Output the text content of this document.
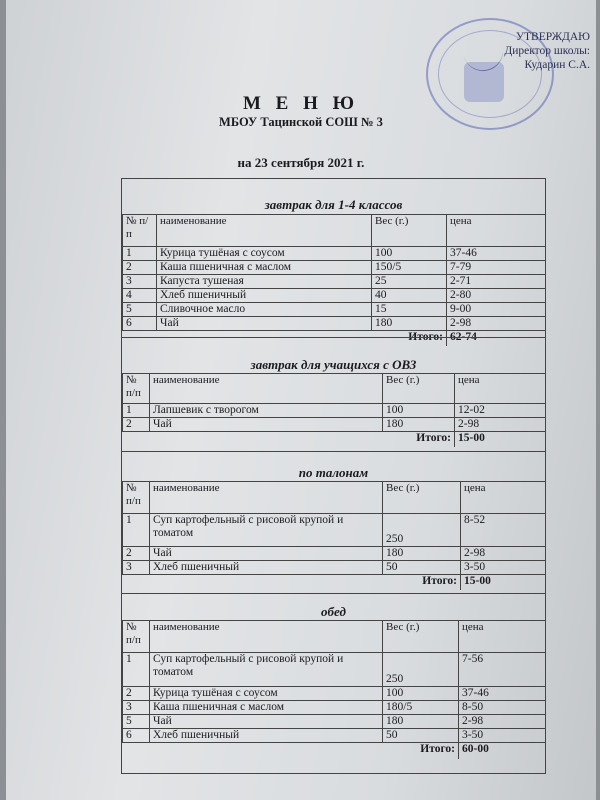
УТВЕРЖДАЮ
Директор школы:
Кударин С.А.
М Е Н Ю
МБОУ Тацинской СОШ № 3
на 23 сентября 2021 г.
завтрак для 1-4 классов
№ п/п	наименование	Вес (г.)	цена
1	Курица тушёная с соусом	100	37-46
2	Каша пшеничная с маслом	150/5	7-79
3	Капуста тушеная	25	2-71
4	Хлеб пшеничный	40	2-80
5	Сливочное масло	15	9-00
6	Чай	180	2-98
Итого:			62-74
завтрак для учащихся с ОВЗ
№ п/п	наименование	Вес (г.)	цена
1	Лапшевик с творогом	100	12-02
2	Чай	180	2-98
Итого:			15-00
по талонам
№ п/п	наименование	Вес (г.)	цена
1	Суп картофельный с рисовой крупой и томатом	250	8-52
2	Чай	180	2-98
3	Хлеб пшеничный	50	3-50
Итого:			15-00
обед
№ п/п	наименование	Вес (г.)	цена
1	Суп картофельный с рисовой крупой и томатом	250	7-56
2	Курица тушёная с соусом	100	37-46
3	Каша пшеничная с маслом	180/5	8-50
5	Чай	180	2-98
6	Хлеб пшеничный	50	3-50
Итого:			60-00
